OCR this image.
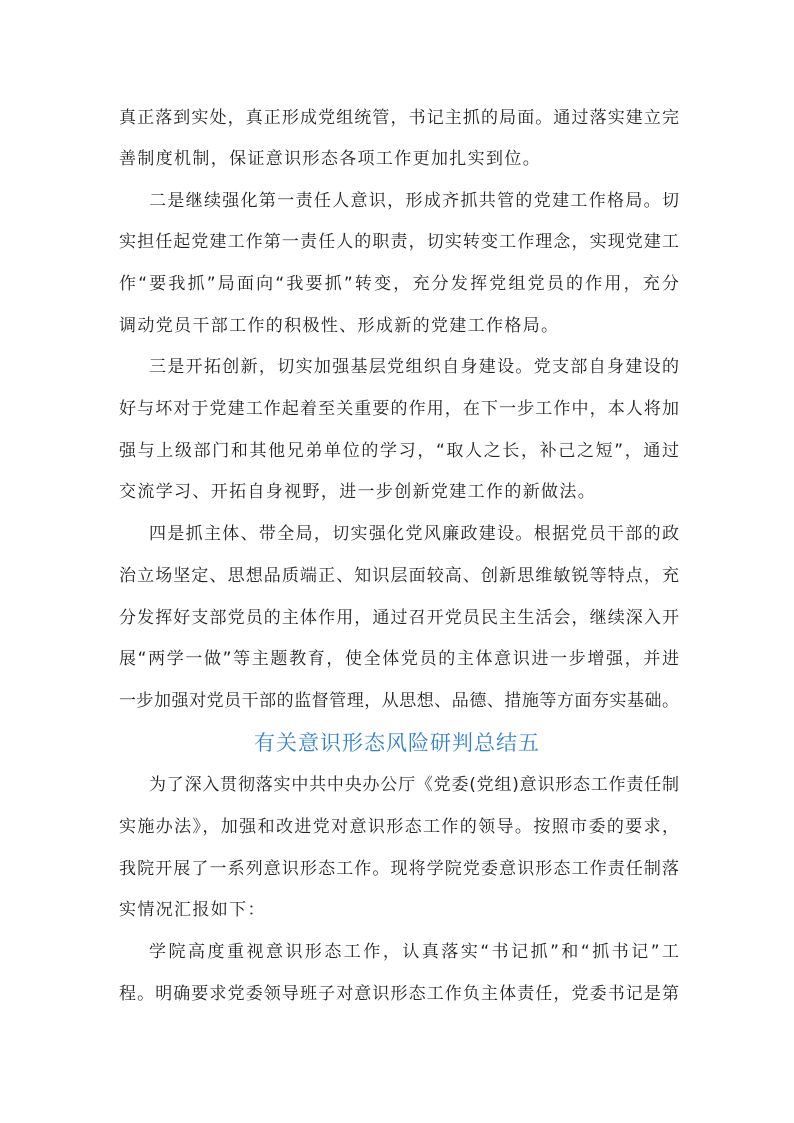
真正落到实处，真正形成党组统管，书记主抓的局面。通过落实建立完
善制度机制，保证意识形态各项工作更加扎实到位。
二是继续强化第一责任人意识，形成齐抓共管的党建工作格局。切
实担任起党建工作第一责任人的职责，切实转变工作理念，实现党建工
作“要我抓”局面向“我要抓”转变，充分发挥党组党员的作用，充分
调动党员干部工作的积极性、形成新的党建工作格局。
三是开拓创新，切实加强基层党组织自身建设。党支部自身建设的
好与坏对于党建工作起着至关重要的作用，在下一步工作中，本人将加
强与上级部门和其他兄弟单位的学习，“取人之长，补己之短”，通过
交流学习、开拓自身视野，进一步创新党建工作的新做法。
四是抓主体、带全局，切实强化党风廉政建设。根据党员干部的政
治立场坚定、思想品质端正、知识层面较高、创新思维敏锐等特点，充
分发挥好支部党员的主体作用，通过召开党员民主生活会，继续深入开
展“两学一做”等主题教育，使全体党员的主体意识进一步增强，并进
一步加强对党员干部的监督管理，从思想、品德、措施等方面夯实基础。
有关意识形态风险研判总结五
为了深入贯彻落实中共中央办公厅《党委(党组)意识形态工作责任制
实施办法》，加强和改进党对意识形态工作的领导。按照市委的要求，
我院开展了一系列意识形态工作。现将学院党委意识形态工作责任制落
实情况汇报如下：
学院高度重视意识形态工作，认真落实“书记抓”和“抓书记”工
程。明确要求党委领导班子对意识形态工作负主体责任，党委书记是第
